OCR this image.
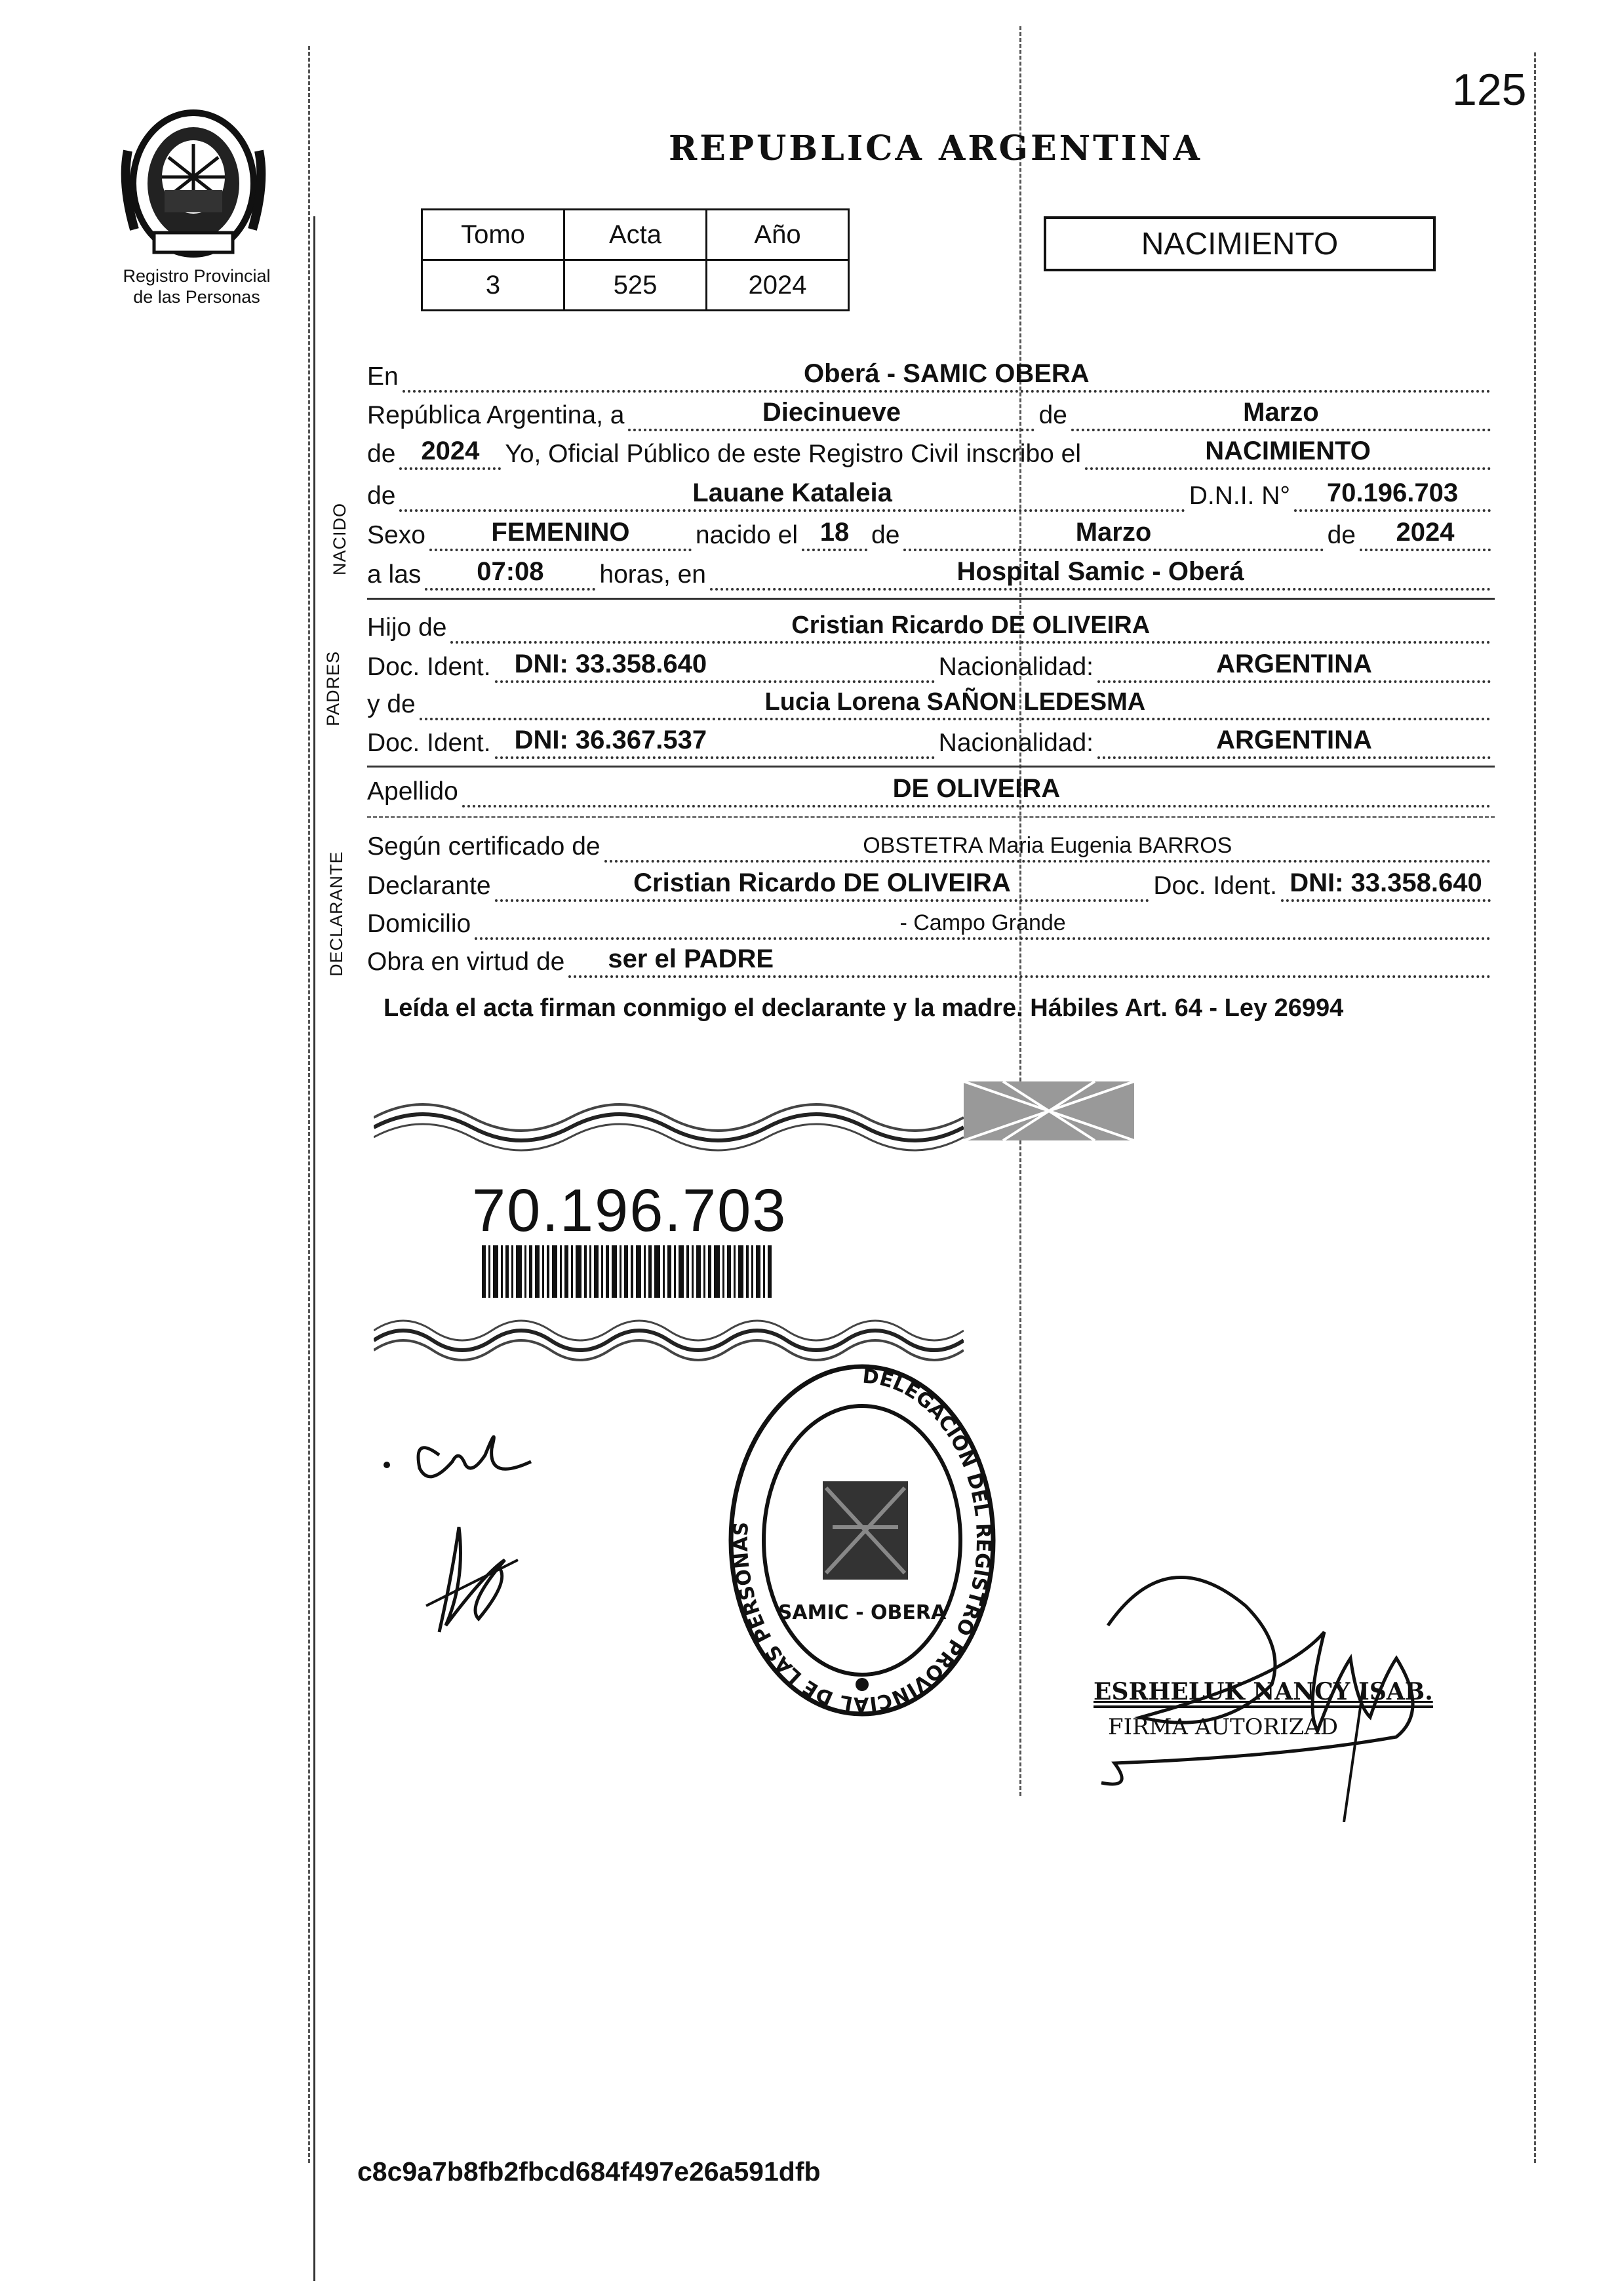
125
Registro Provincial
de las Personas
REPUBLICA ARGENTINA
Tomo	Acta	Año
3	525	2024
NACIMIENTO
NACIDO
PADRES
DECLARANTE
En	Oberá - SAMIC OBERA
República Argentina, a	Diecinueve	de	Marzo
de 2024	Yo, Oficial Público de este Registro Civil inscribo el	NACIMIENTO
de	Lauane Kataleia	D.N.I. N°	70.196.703
Sexo	FEMENINO	nacido el 18 de	Marzo	de	2024
a las	07:08	horas, en	Hospital Samic - Oberá
Hijo de	Cristian Ricardo DE OLIVEIRA
Doc. Ident. DNI: 33.358.640	Nacionalidad:	ARGENTINA
y de	Lucia Lorena SAÑON LEDESMA
Doc. Ident. DNI: 36.367.537	Nacionalidad:	ARGENTINA
Apellido	DE OLIVEIRA
Según certificado de	OBSTETRA Maria Eugenia BARROS
Declarante	Cristian Ricardo DE OLIVEIRA	Doc. Ident. DNI: 33.358.640
Domicilio	- Campo Grande
Obra en virtud de	ser el PADRE
Leída el acta firman conmigo el declarante y la madre. Hábiles Art. 64 - Ley 26994
70.196.703
DELEGACION DEL REGISTRO PROVINCIAL DE LAS PERSONAS
SAMIC - OBERA
ESRHELUK NANCY ISAB.
FIRMA AUTORIZAD
c8c9a7b8fb2fbcd684f497e26a591dfb
